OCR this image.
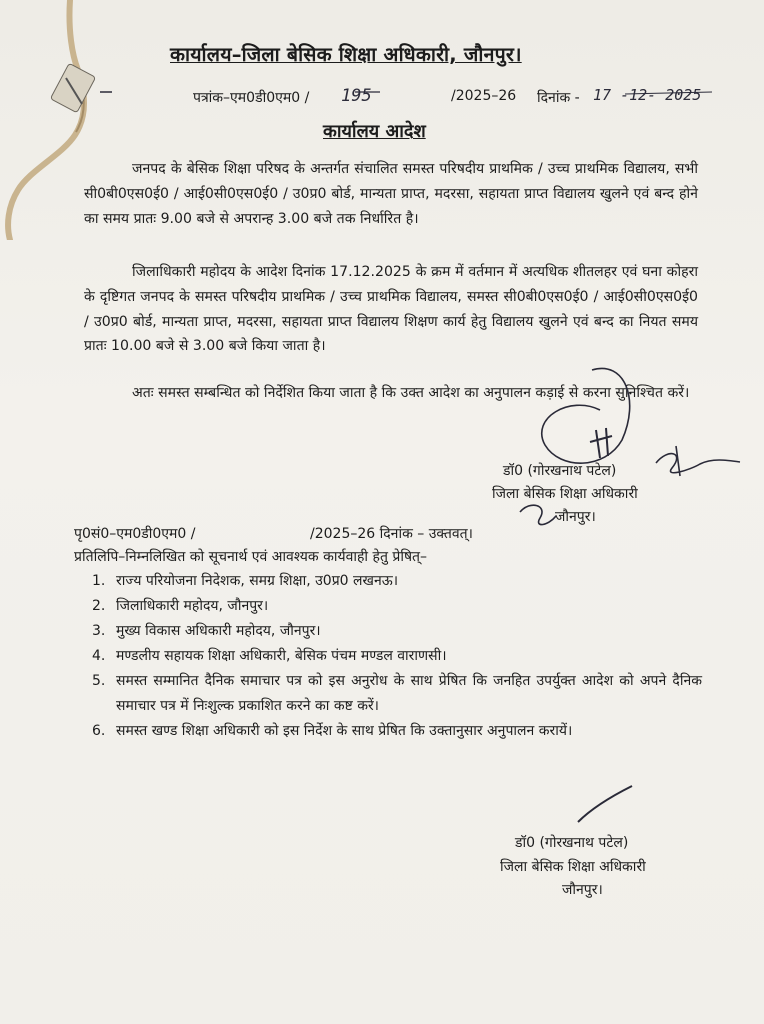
कार्यालय–जिला बेसिक शिक्षा अधिकारी, जौनपुर।
पत्रांक–एम0डी0एम0 / 195	/2025–26 दिनांक - 17 -12- 2025
कार्यालय आदेश

जनपद के बेसिक शिक्षा परिषद के अन्तर्गत संचालित समस्त परिषदीय प्राथमिक / उच्च प्राथमिक विद्यालय, सभी सी0बी0एस0ई0 / आई0सी0एस0ई0 / उ0प्र0 बोर्ड, मान्यता प्राप्त, मदरसा, सहायता प्राप्त विद्यालय खुलने एवं बन्द होने का समय प्रातः 9.00 बजे से अपरान्ह 3.00 बजे तक निर्धारित है।

जिलाधिकारी महोदय के आदेश दिनांक 17.12.2025 के क्रम में वर्तमान में अत्यधिक शीतलहर एवं घना कोहरा के दृष्टिगत जनपद के समस्त परिषदीय प्राथमिक / उच्च प्राथमिक विद्यालय, समस्त सी0बी0एस0ई0 / आई0सी0एस0ई0 / उ0प्र0 बोर्ड, मान्यता प्राप्त, मदरसा, सहायता प्राप्त विद्यालय शिक्षण कार्य हेतु विद्यालय खुलने एवं बन्द का नियत समय प्रातः 10.00 बजे से 3.00 बजे किया जाता है।

अतः समस्त सम्बन्धित को निर्देशित किया जाता है कि उक्त आदेश का अनुपालन कड़ाई से करना सुनिश्चित करें।

डॉ0 (गोरखनाथ पटेल)
जिला बेसिक शिक्षा अधिकारी
जौनपुर।
पृ0सं0–एम0डी0एम0 /	/2025–26 दिनांक – उक्तवत्।
प्रतिलिपि–निम्नलिखित को सूचनार्थ एवं आवश्यक कार्यवाही हेतु प्रेषित्–
1. राज्य परियोजना निदेशक, समग्र शिक्षा, उ0प्र0 लखनऊ।
2. जिलाधिकारी महोदय, जौनपुर।
3. मुख्य विकास अधिकारी महोदय, जौनपुर।
4. मण्डलीय सहायक शिक्षा अधिकारी, बेसिक पंचम मण्डल वाराणसी।
5. समस्त सम्मानित दैनिक समाचार पत्र को इस अनुरोध के साथ प्रेषित कि जनहित उपर्युक्त आदेश को अपने दैनिक समाचार पत्र में निःशुल्क प्रकाशित करने का कष्ट करें।
6. समस्त खण्ड शिक्षा अधिकारी को इस निर्देश के साथ प्रेषित कि उक्तानुसार अनुपालन करायें।
डॉ0 (गोरखनाथ पटेल)
जिला बेसिक शिक्षा अधिकारी
जौनपुर।
